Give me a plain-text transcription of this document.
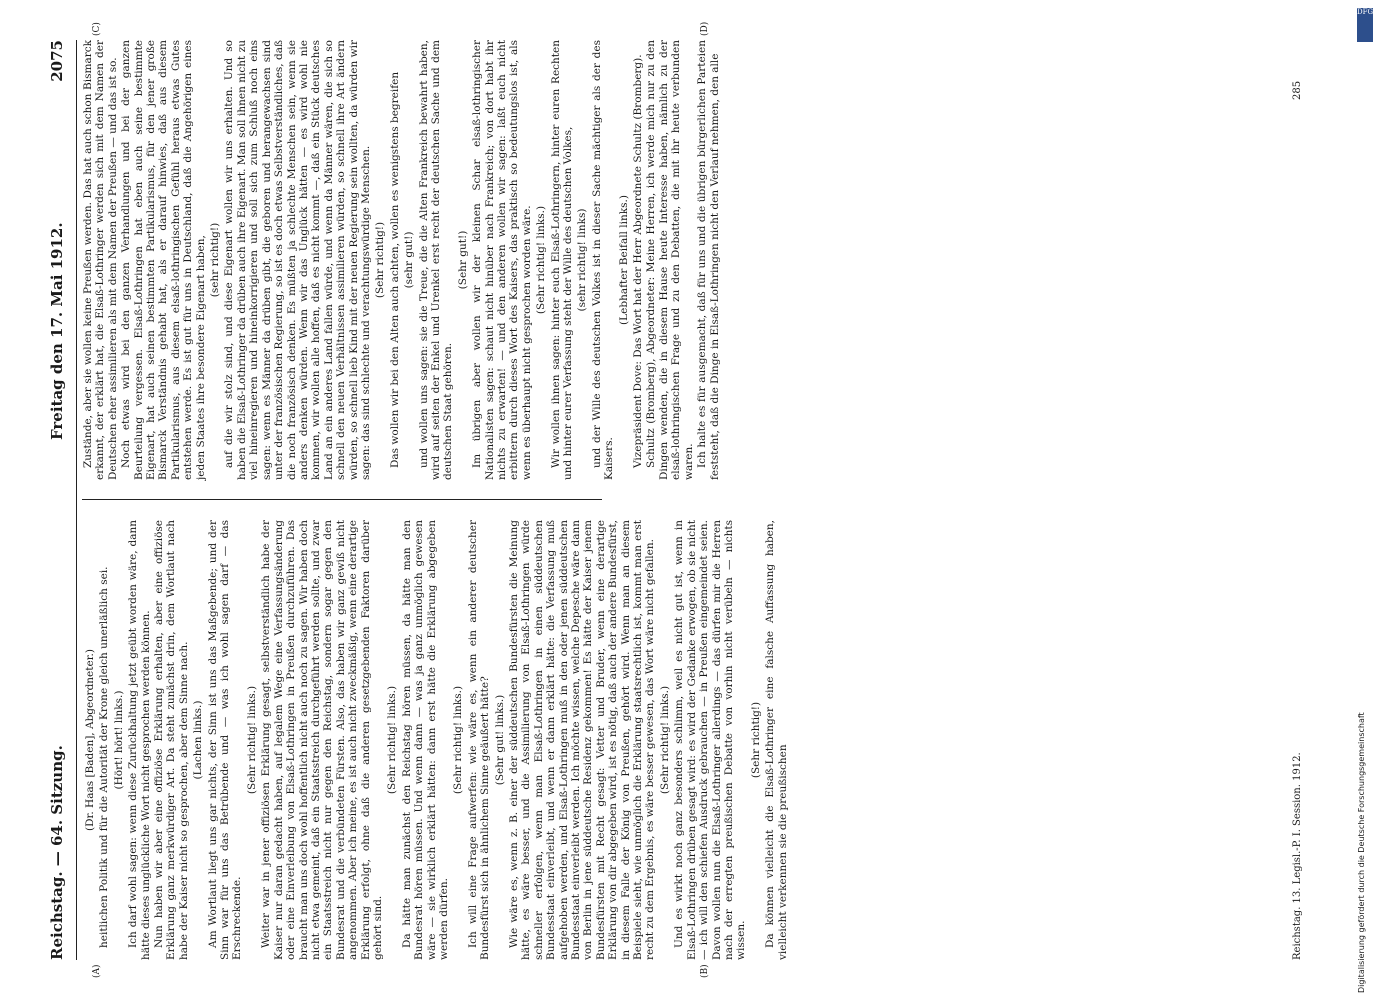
Reichstag. — 64. Sitzung.
Freitag den 17. Mai 1912.
2075
(A)	(B)
(C)	(D)

(Dr. Haas [Baden], Abgeordneter.) heitlichen Politik und für die Autorität der Krone gleich unerläßlich sei. (Hört! hört! links.) Ich darf wohl sagen: wenn diese Zurückhaltung jetzt geübt worden wäre, dann hätte dieses unglückliche Wort nicht gesprochen werden können. Nun haben wir aber eine offiziöse Erklärung erhalten, aber eine offiziöse Erklärung ganz merkwürdiger Art. Da steht zunächst drin, dem Wortlaut nach habe der Kaiser nicht so gesprochen, aber dem Sinne nach. (Lachen links.) Am Wortlaut liegt uns gar nichts, der Sinn ist uns das Maßgebende; und der Sinn war für uns das Betrübende und — was ich wohl sagen darf — das Erschreckende.

(Sehr richtig! links.) Weiter war in jener offiziösen Erklärung gesagt, selbstverständlich habe der Kaiser nur daran gedacht haben, auf legalem Wege eine Verfassungsänderung oder eine Einverleibung von Elsaß-Lothringen in Preußen durchzuführen. Das braucht man uns doch wohl hoffentlich nicht auch noch zu sagen. Wir haben doch nicht etwa gemeint, daß ein Staatsstreich durchgeführt werden sollte, und zwar ein Staatsstreich nicht nur gegen den Reichstag, sondern sogar gegen den Bundesrat und die verbündeten Fürsten. Also, das haben wir ganz gewiß nicht angenommen. Aber ich meine, es ist auch nicht zweckmäßig, wenn eine derartige Erklärung erfolgt, ohne daß die anderen gesetzgebenden Faktoren darüber gehört sind.

(Sehr richtig! links.) Da hätte man zunächst den Reichstag hören müssen, da hätte man den Bundesrat hören müssen. Und wenn dann — was ja ganz unmöglich gewesen wäre — sie wirklich erklärt hätten: dann erst hätte die Erklärung abgegeben werden dürfen.

(Sehr richtig! links.) Ich will eine Frage aufwerfen: wie wäre es, wenn ein anderer deutscher Bundesfürst sich in ähnlichem Sinne geäußert hätte? (Sehr gut! links.) Wie wäre es, wenn z. B. einer der süddeutschen Bundesfürsten die Meinung hätte, es wäre besser, und die Assimilierung von Elsaß-Lothringen würde schneller erfolgen, wenn man Elsaß-Lothringen in einen süddeutschen Bundesstaat einverleibt, und wenn er dann erklärt hätte: die Verfassung muß aufgehoben werden, und Elsaß-Lothringen muß in den oder jenen süddeutschen Bundesstaat einverleibt werden. Ich möchte wissen, welche Depesche wäre dann von Berlin in jene süddeutsche Residenz gekommen! Es hätte der Kaiser jenem Bundesfürsten mit Recht gesagt: Vetter und Bruder, wenn eine derartige Erklärung von dir abgegeben wird, ist es nötig, daß auch der andere Bundesfürst, in diesem Falle der König von Preußen, gehört wird. Wenn man an diesem Beispiele sieht, wie unmöglich die Erklärung staatsrechtlich ist, kommt man erst recht zu dem Ergebnis, es wäre besser gewesen, das Wort wäre nicht gefallen. (Sehr richtig! links.) Und es wirkt noch ganz besonders schlimm, weil es nicht gut ist, wenn in Elsaß-Lothringen drüben gesagt wird: es wird der Gedanke erwogen, ob sie nicht — ich will den schiefen Ausdruck gebrauchen — in Preußen eingemeindet seien. Davon wollen nun die Elsaß-Lothringer allerdings — das dürfen mir die Herren nach der erregten preußischen Debatte von vorhin nicht verübeln — nichts wissen.

(Sehr richtig!) Da können vielleicht die Elsaß-Lothringer eine falsche Auffassung haben, vielleicht verkennen sie die preußischen

Zustände, aber sie wollen keine Preußen werden. Das hat auch schon Bismarck erkannt, der erklärt hat, die Elsaß-Lothringer werden sich mit dem Namen der Deutschen eher assimilieren als mit dem Namen der Preußen — und das ist so. Noch etwas wird bei den ganzen Verhandlungen und bei der ganzen Beurteilung vergessen. Elsaß-Lothringen hat eben auch seine bestimmte Eigenart, hat auch seinen bestimmten Partikularismus, für den jener große Bismarck Verständnis gehabt hat, als er darauf hinwies, daß aus diesem Partikularismus, aus diesem elsaß-lothringischen Gefühl heraus etwas Gutes entstehen werde. Es ist gut für uns in Deutschland, daß die Angehörigen eines jeden Staates ihre besondere Eigenart haben, (sehr richtig!) auf die wir stolz sind, und diese Eigenart wollen wir uns erhalten. Und so haben die Elsaß-Lothringer da drüben auch ihre Eigenart. Man soll ihnen nicht zu viel hineinregieren und hineinkorrigieren und soll sich zum Schluß noch eins sagen: wenn es Männer da drüben gibt, die geboren und herangewachsen sind unter der französischen Regierung, so ist es doch etwas Selbstverständliches, daß die noch französisch denken. Es müßten ja schlechte Menschen sein, wenn sie anders denken würden. Wenn wir das Unglück hätten — es wird wohl nie kommen, wir wollen alle hoffen, daß es nicht kommt —, daß ein Stück deutsches Land an ein anderes Land fallen würde, und wenn da Männer wären, die sich so schnell den neuen Verhältnissen assimilieren würden, so schnell ihre Art ändern würden, so schnell lieb Kind mit der neuen Regierung sein wollten, da würden wir sagen: das sind schlechte und verachtungswürdige Menschen. (Sehr richtig!) Das wollen wir bei den Alten auch achten, wollen es wenigstens begreifen (sehr gut!) und wollen uns sagen: sie die Treue, die die Alten Frankreich bewahrt haben, wird auf seiten der Enkel und Urenkel erst recht der deutschen Sache und dem deutschen Staat gehören.

(Sehr gut!) Im übrigen aber wollen wir der kleinen Schar elsaß-lothringischer Nationalisten sagen: schaut nicht hinüber nach Frankreich; von dort habt ihr nichts zu erwarten! — und den anderen wollen wir sagen: laßt euch nicht erbittern durch dieses Wort des Kaisers, das praktisch so bedeutungslos ist, als wenn es überhaupt nicht gesprochen worden wäre. (Sehr richtig! links.) Wir wollen ihnen sagen: hinter euch Elsaß-Lothringern, hinter euren Rechten und hinter eurer Verfassung steht der Wille des deutschen Volkes, (sehr richtig! links) und der Wille des deutschen Volkes ist in dieser Sache mächtiger als der des Kaisers.

(Lebhafter Beifall links.) Vizepräsident Dove: Das Wort hat der Herr Abgeordnete Schultz (Bromberg). Schultz (Bromberg), Abgeordneter: Meine Herren, ich werde mich nur zu den Dingen wenden, die in diesem Hause heute Interesse haben, nämlich zu der elsaß-lothringischen Frage und zu den Debatten, die mit ihr heute verbunden waren. Ich halte es für ausgemacht, daß für uns und die übrigen bürgerlichen Parteien feststeht, daß die Dinge in Elsaß-Lothringen nicht den Verlauf nehmen, den alle

Reichstag. 13. Legisl.-P. I. Session. 1912.
285
DFG
Digitalisierung gefördert durch die Deutsche Forschungsgemeinschaft
